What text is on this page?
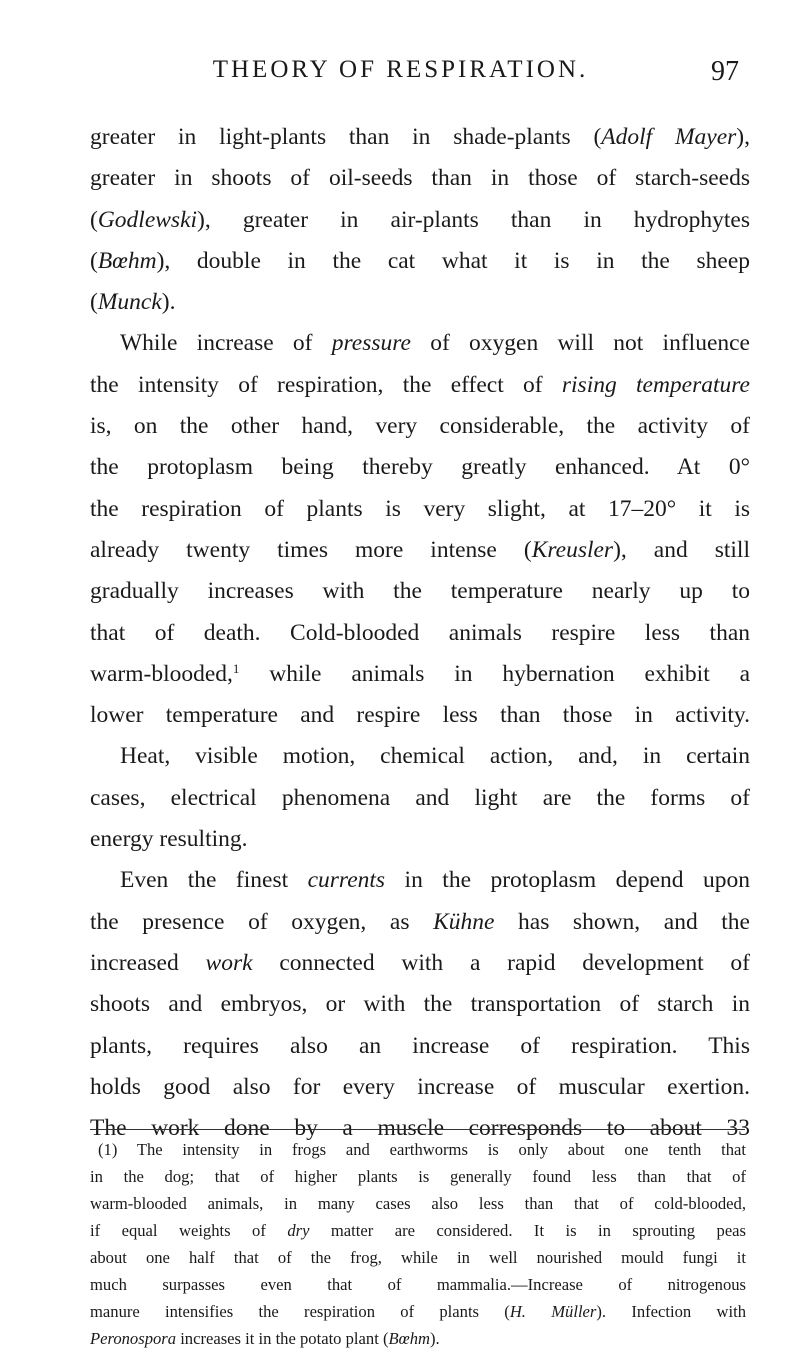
THEORY OF RESPIRATION.	97
greater in light-plants than in shade-plants (Adolf Mayer),
greater in shoots of oil-seeds than in those of starch-seeds
(Godlewski), greater in air-plants than in hydrophytes
(Bœhm), double in the cat what it is in the sheep
(Munck).
While increase of pressure of oxygen will not influence
the intensity of respiration, the effect of rising temperature
is, on the other hand, very considerable, the activity of
the protoplasm being thereby greatly enhanced. At 0°
the respiration of plants is very slight, at 17–20° it is
already twenty times more intense (Kreusler), and still
gradually increases with the temperature nearly up to
that of death. Cold-blooded animals respire less than
warm-blooded,$^1$ while animals in hybernation exhibit a
lower temperature and respire less than those in activity.
Heat, visible motion, chemical action, and, in certain
cases, electrical phenomena and light are the forms of
energy resulting.
Even the finest currents in the protoplasm depend upon
the presence of oxygen, as Kühne has shown, and the
increased work connected with a rapid development of
shoots and embryos, or with the transportation of starch in
plants, requires also an increase of respiration. This
holds good also for every increase of muscular exertion.
The work done by a muscle corresponds to about 33
(1) The intensity in frogs and earthworms is only about one tenth that
in the dog; that of higher plants is generally found less than that of
warm-blooded animals, in many cases also less than that of cold-blooded,
if equal weights of dry matter are considered. It is in sprouting peas
about one half that of the frog, while in well nourished mould fungi it
much surpasses even that of mammalia.—Increase of nitrogenous
manure intensifies the respiration of plants (H. Müller). Infection with
Peronospora increases it in the potato plant (Bœhm).
